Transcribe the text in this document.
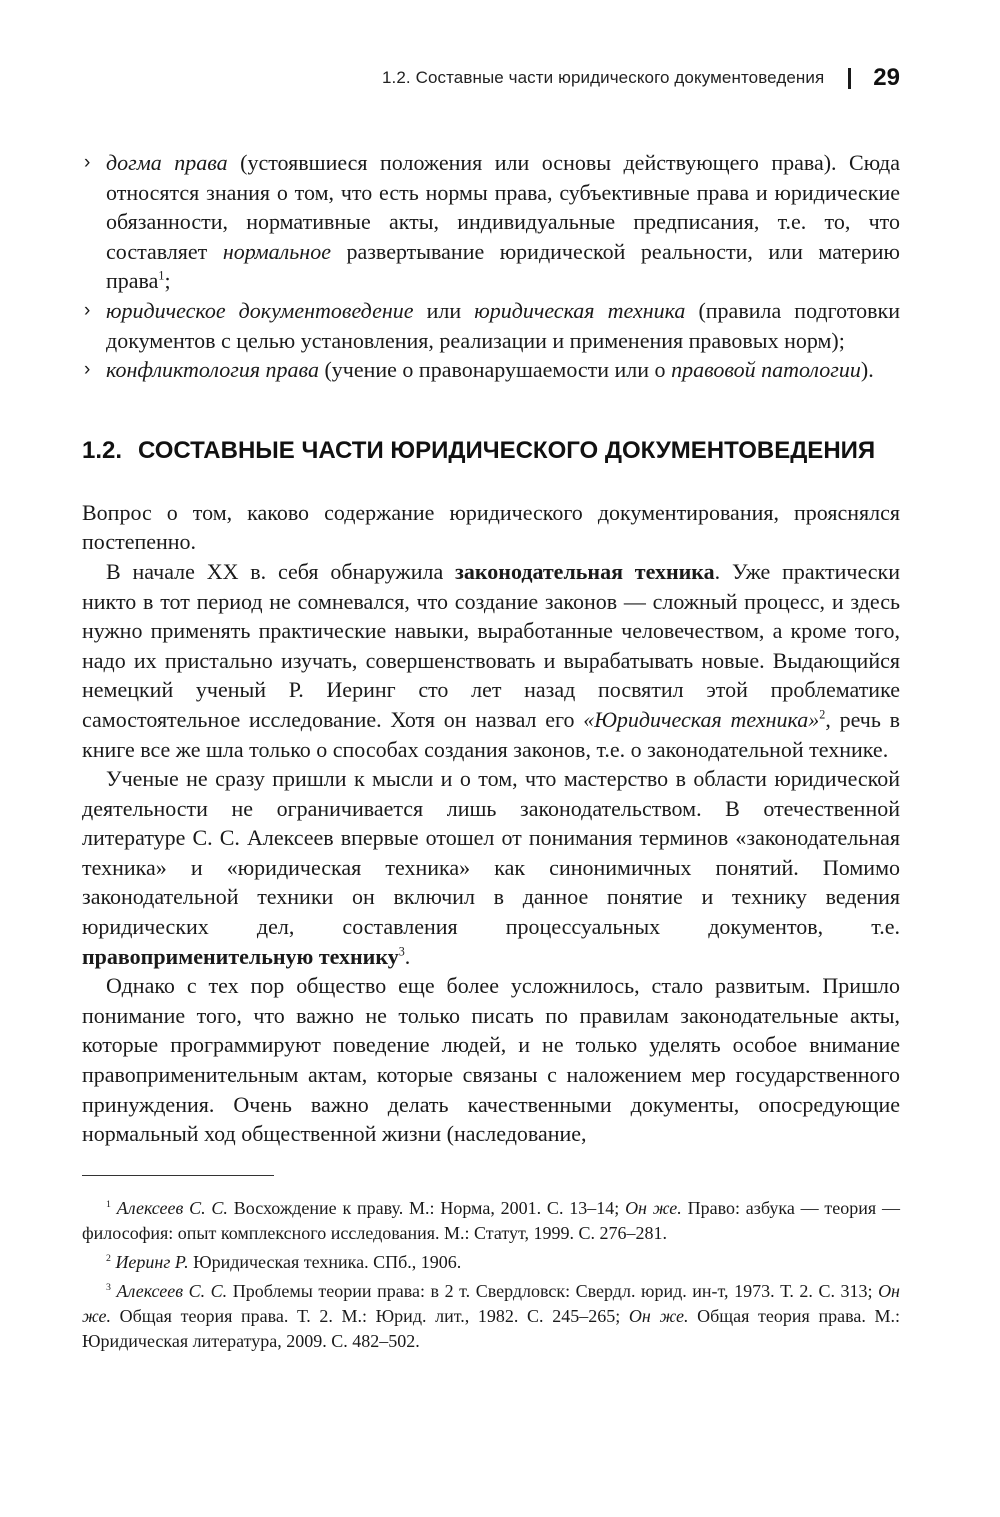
1.2. Составные части юридического документоведения 29
› догма права (устоявшиеся положения или основы действующего права). Сюда относятся знания о том, что есть нормы права, субъективные права и юридические обязанности, нормативные акты, индивидуальные предписания, т.е. то, что составляет нормальное развертывание юридической реальности, или материю права$^1$;
› юридическое документоведение или юридическая техника (правила подготовки документов с целью установления, реализации и применения правовых норм);
› конфликтология права (учение о правонарушаемости или о правовой патологии).
1.2. СОСТАВНЫЕ ЧАСТИ ЮРИДИЧЕСКОГО ДОКУМЕНТОВЕДЕНИЯ

Вопрос о том, каково содержание юридического документирования, прояснялся постепенно.

В начале XX в. себя обнаружила законодательная техника. Уже практически никто в тот период не сомневался, что создание законов — сложный процесс, и здесь нужно применять практические навыки, выработанные человечеством, а кроме того, надо их пристально изучать, совершенствовать и вырабатывать новые. Выдающийся немецкий ученый Р. Иеринг сто лет назад посвятил этой проблематике самостоятельное исследование. Хотя он назвал его «Юридическая техника»$^2$, речь в книге все же шла только о способах создания законов, т.е. о законодательной технике.

Ученые не сразу пришли к мысли и о том, что мастерство в области юридической деятельности не ограничивается лишь законодательством. В отечественной литературе С. С. Алексеев впервые отошел от понимания терминов «законодательная техника» и «юридическая техника» как синонимичных понятий. Помимо законодательной техники он включил в данное понятие и технику ведения юридических дел, составления процессуальных документов, т.е. правоприменительную технику$^3$.

Однако с тех пор общество еще более усложнилось, стало развитым. Пришло понимание того, что важно не только писать по правилам законодательные акты, которые программируют поведение людей, и не только уделять особое внимание правоприменительным актам, которые связаны с наложением мер государственного принуждения. Очень важно делать качественными документы, опосредующие нормальный ход общественной жизни (наследование,

$^1$ Алексеев С. С. Восхождение к праву. М.: Норма, 2001. С. 13–14; Он же. Право: азбука — теория — философия: опыт комплексного исследования. М.: Статут, 1999. С. 276–281.

$^2$ Иеринг Р. Юридическая техника. СПб., 1906.

$^3$ Алексеев С. С. Проблемы теории права: в 2 т. Свердловск: Свердл. юрид. ин-т, 1973. Т. 2. С. 313; Он же. Общая теория права. Т. 2. М.: Юрид. лит., 1982. С. 245–265; Он же. Общая теория права. М.: Юридическая литература, 2009. С. 482–502.
